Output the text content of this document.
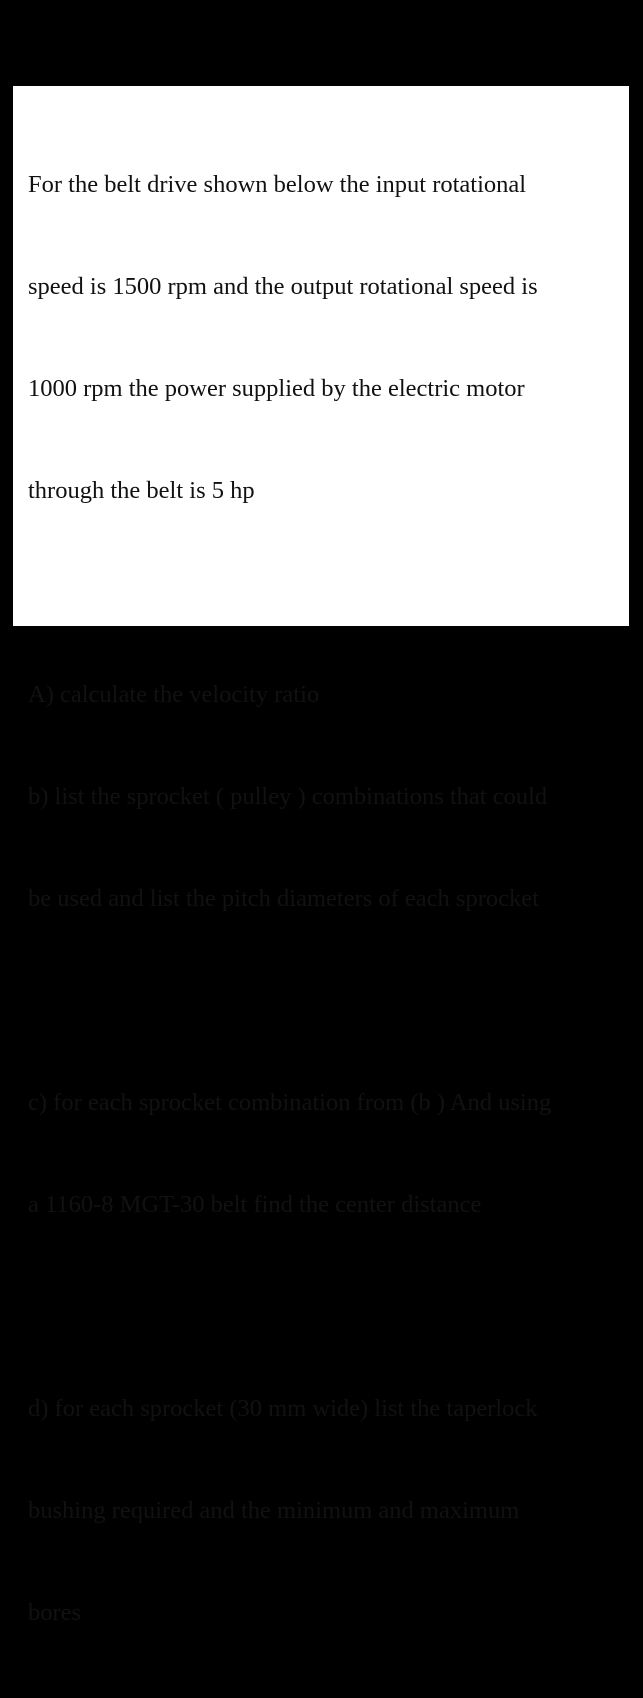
For the belt drive shown below the input rotational

speed is 1500 rpm and the output rotational speed is

1000 rpm the power supplied by the electric motor

through the belt is 5 hp

A) calculate the velocity ratio

b) list the sprocket ( pulley ) combinations that could

be used and list the pitch diameters of each sprocket

c) for each sprocket combination from (b ) And using

a 1160-8 MGT-30 belt find the center distance

d) for each sprocket (30 mm wide) list the taperlock

bushing required and the minimum and maximum

bores
